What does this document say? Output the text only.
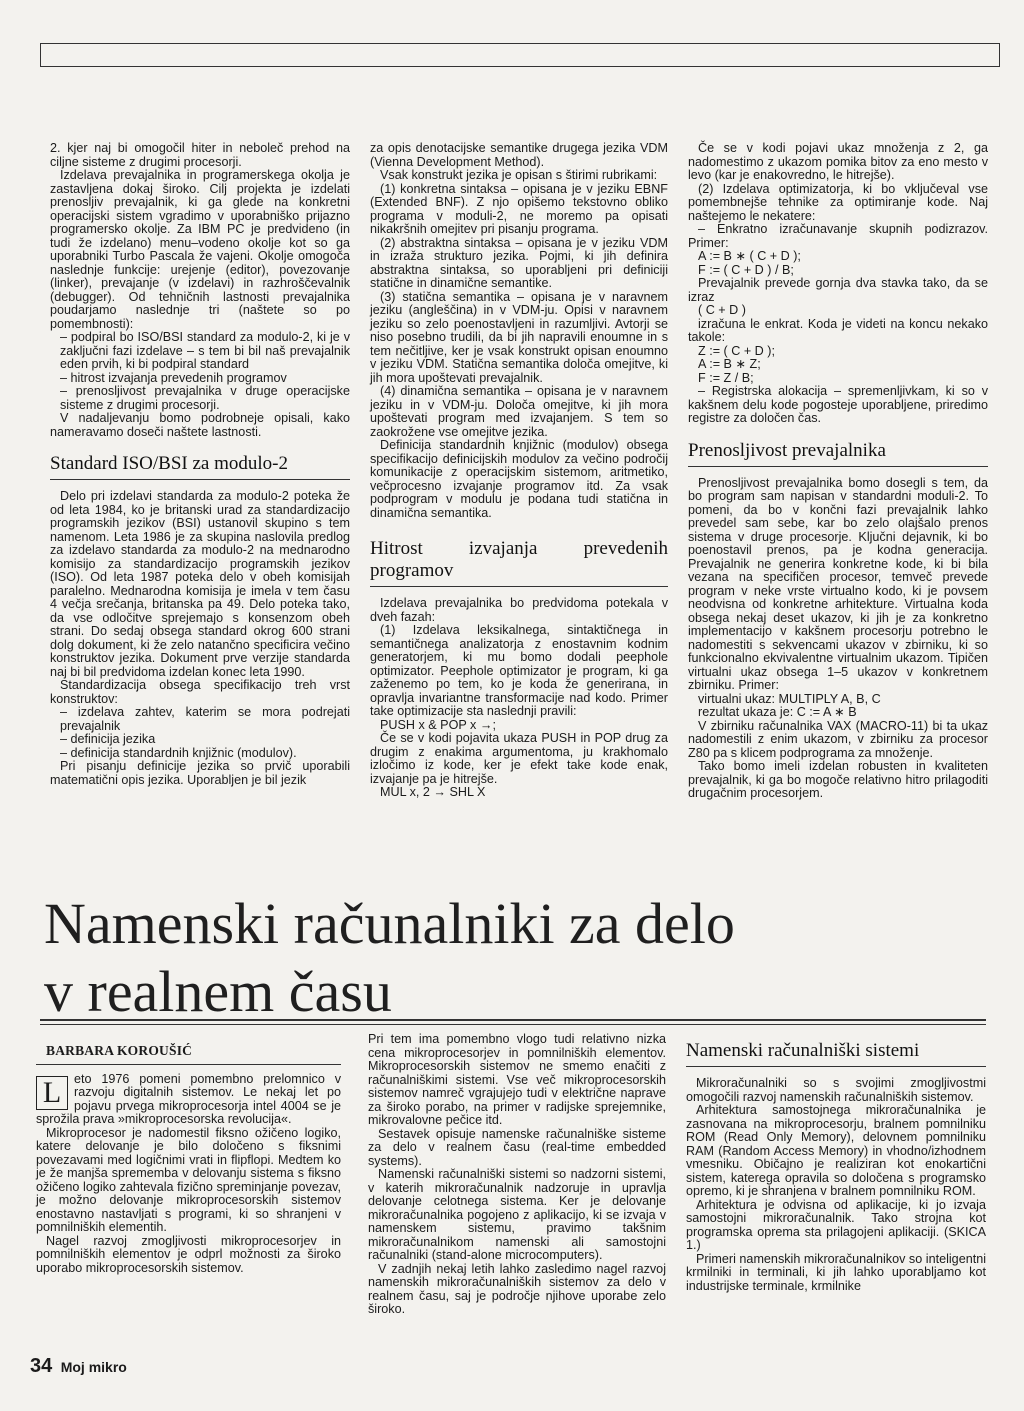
2. kjer naj bi omogočil hiter in neboleč prehod na ciljne sisteme z drugimi procesorji.

Izdelava prevajalnika in programerskega okolja je zastavljena dokaj široko. Cilj projekta je izdelati prenosljiv prevajalnik, ki ga glede na konkretni operacijski sistem vgradimo v uporabniško prijazno programersko okolje. Za IBM PC je predvideno (in tudi že izdelano) menu–vodeno okolje kot so ga uporabniki Turbo Pascala že vajeni. Okolje omogoča naslednje funkcije: urejenje (editor), povezovanje (linker), prevajanje (v izdelavi) in razhroščevalnik (debugger). Od tehničnih lastnosti prevajalnika poudarjamo naslednje tri (naštete so po pomembnosti):

– podpiral bo ISO/BSI standard za modulo-2, ki je v zaključni fazi izdelave – s tem bi bil naš prevajalnik eden prvih, ki bi podpiral standard

– hitrost izvajanja prevedenih programov

– prenosljivost prevajalnika v druge operacijske sisteme z drugimi procesorji.

V nadaljevanju bomo podrobneje opisali, kako nameravamo doseči naštete lastnosti.

Standard ISO/BSI za modulo-2

Delo pri izdelavi standarda za modulo-2 poteka že od leta 1984, ko je britanski urad za standardizacijo programskih jezikov (BSI) ustanovil skupino s tem namenom. Leta 1986 je za skupina naslovila predlog za izdelavo standarda za modulo-2 na mednarodno komisijo za standardizacijo programskih jezikov (ISO). Od leta 1987 poteka delo v obeh komisijah paralelno. Mednarodna komisija je imela v tem času 4 večja srečanja, britanska pa 49. Delo poteka tako, da vse odločitve sprejemajo s konsenzom obeh strani. Do sedaj obsega standard okrog 600 strani dolg dokument, ki že zelo natančno specificira večino konstruktov jezika. Dokument prve verzije standarda naj bi bil predvidoma izdelan konec leta 1990.

Standardizacija obsega specifikacijo treh vrst konstruktov:

– izdelava zahtev, katerim se mora podrejati prevajalnik

– definicija jezika

– definicija standardnih knjižnic (modulov).

Pri pisanju definicije jezika so prvič uporabili matematični opis jezika. Uporabljen je bil jezik

za opis denotacijske semantike drugega jezika VDM (Vienna Development Method).

Vsak konstrukt jezika je opisan s štirimi rubrikami:

(1) konkretna sintaksa – opisana je v jeziku EBNF (Extended BNF). Z njo opišemo tekstovno obliko programa v moduli-2, ne moremo pa opisati nikakršnih omejitev pri pisanju programa.

(2) abstraktna sintaksa – opisana je v jeziku VDM in izraža strukturo jezika. Pojmi, ki jih definira abstraktna sintaksa, so uporabljeni pri definiciji statične in dinamične semantike.

(3) statična semantika – opisana je v naravnem jeziku (angleščina) in v VDM-ju. Opisi v naravnem jeziku so zelo poenostavljeni in razumljivi. Avtorji se niso posebno trudili, da bi jih napravili enoumne in s tem nečitljive, ker je vsak konstrukt opisan enoumno v jeziku VDM. Statična semantika določa omejitve, ki jih mora upoštevati prevajalnik.

(4) dinamična semantika – opisana je v naravnem jeziku in v VDM-ju. Določa omejitve, ki jih mora upoštevati program med izvajanjem. S tem so zaokrožene vse omejitve jezika.

Definicija standardnih knjižnic (modulov) obsega specifikacijo definicijskih modulov za večino področij komunikacije z operacijskim sistemom, aritmetiko, večprocesno izvajanje programov itd. Za vsak podprogram v modulu je podana tudi statična in dinamična semantika.

Hitrost izvajanja prevedenih programov

Izdelava prevajalnika bo predvidoma potekala v dveh fazah:

(1) Izdelava leksikalnega, sintaktičnega in semantičnega analizatorja z enostavnim kodnim generatorjem, ki mu bomo dodali peephole optimizator. Peephole optimizator je program, ki ga zaženemo po tem, ko je koda že generirana, in opravlja invariantne transformacije nad kodo. Primer take optimizacije sta naslednji pravili:

PUSH x & POP x →;

Če se v kodi pojavita ukaza PUSH in POP drug za drugim z enakima argumentoma, ju krakhomalo izločimo iz kode, ker je efekt take kode enak, izvajanje pa je hitrejše.

MUL x, 2 → SHL X

Če se v kodi pojavi ukaz množenja z 2, ga nadomestimo z ukazom pomika bitov za eno mesto v levo (kar je enakovredno, le hitrejše).

(2) Izdelava optimizatorja, ki bo vključeval vse pomembnejše tehnike za optimiranje kode. Naj naštejemo le nekatere:

– Enkratno izračunavanje skupnih podizrazov. Primer:

A := B ∗ ( C + D );

F := ( C + D ) / B;

Prevajalnik prevede gornja dva stavka tako, da se izraz

( C + D )

izračuna le enkrat. Koda je videti na koncu nekako takole:

Z := ( C + D );

A := B ∗ Z;

F := Z / B;

– Registrska alokacija – spremenljivkam, ki so v kakšnem delu kode pogosteje uporabljene, priredimo registre za določen čas.

Prenosljivost prevajalnika

Prenosljivost prevajalnika bomo dosegli s tem, da bo program sam napisan v standardni moduli-2. To pomeni, da bo v končni fazi prevajalnik lahko prevedel sam sebe, kar bo zelo olajšalo prenos sistema v druge procesorje. Ključni dejavnik, ki bo poenostavil prenos, pa je kodna generacija. Prevajalnik ne generira konkretne kode, ki bi bila vezana na specifičen procesor, temveč prevede program v neke vrste virtualno kodo, ki je povsem neodvisna od konkretne arhitekture. Virtualna koda obsega nekaj deset ukazov, ki jih je za konkretno implementacijo v kakšnem procesorju potrebno le nadomestiti s sekvencami ukazov v zbirniku, ki so funkcionalno ekvivalentne virtualnim ukazom. Tipičen virtualni ukaz obsega 1–5 ukazov v konkretnem zbirniku. Primer:

virtualni ukaz: MULTIPLY A, B, C

rezultat ukaza je: C := A ∗ B

V zbirniku računalnika VAX (MACRO-11) bi ta ukaz nadomestili z enim ukazom, v zbirniku za procesor Z80 pa s klicem podprograma za množenje.

Tako bomo imeli izdelan robusten in kvaliteten prevajalnik, ki ga bo mogoče relativno hitro prilagoditi drugačnim procesorjem.

Namenski računalniki za delo
v realnem času

BARBARA KOROUŠIĆ

L	eto 1976 pomeni pomembno prelomnico v razvoju digitalnih sistemov. Le nekaj let po pojavu prvega mikroprocesorja intel 4004 se je sprožila prava »mikroprocesorska revolucija«.

Mikroprocesor je nadomestil fiksno ožičeno logiko, katere delovanje je bilo določeno s fiksnimi povezavami med logičnimi vrati in flipflopi. Medtem ko je že manjša sprememba v delovanju sistema s fiksno ožičeno logiko zahtevala fizično spreminjanje povezav, je možno delovanje mikroprocesorskih sistemov enostavno nastavljati s programi, ki so shranjeni v pomnilniških elementih.

Nagel razvoj zmogljivosti mikroprocesorjev in pomnilniških elementov je odprl možnosti za široko uporabo mikroprocesorskih sistemov.

Pri tem ima pomembno vlogo tudi relativno nizka cena mikroprocesorjev in pomnilniških elementov. Mikroprocesorskih sistemov ne smemo enačiti z računalniškimi sistemi. Vse več mikroprocesorskih sistemov namreč vgrajujejo tudi v električne naprave za široko porabo, na primer v radijske sprejemnike, mikrovalovne pečice itd.

Sestavek opisuje namenske računalniške sisteme za delo v realnem času (real-time embedded systems).

Namenski računalniški sistemi so nadzorni sistemi, v katerih mikroračunalnik nadzoruje in upravlja delovanje celotnega sistema. Ker je delovanje mikroračunalnika pogojeno z aplikacijo, ki se izvaja v namenskem sistemu, pravimo takšnim mikroračunalnikom namenski ali samostojni računalniki (stand-alone microcomputers).

V zadnjih nekaj letih lahko zasledimo nagel razvoj namenskih mikroračunalniških sistemov za delo v realnem času, saj je področje njihove uporabe zelo široko.

Namenski računalniški sistemi

Mikroračunalniki so s svojimi zmogljivostmi omogočili razvoj namenskih računalniških sistemov.

Arhitektura samostojnega mikroračunalnika je zasnovana na mikroprocesorju, bralnem pomnilniku ROM (Read Only Memory), delovnem pomnilniku RAM (Random Access Memory) in vhodno/izhodnem vmesniku. Običajno je realiziran kot enokartični sistem, katerega opravila so določena s programsko opremo, ki je shranjena v bralnem pomnilniku ROM.

Arhitektura je odvisna od aplikacije, ki jo izvaja samostojni mikroračunalnik. Tako strojna kot programska oprema sta prilagojeni aplikaciji. (SKICA 1.)

Primeri namenskih mikroračunalnikov so inteligentni krmilniki in terminali, ki jih lahko uporabljamo kot industrijske terminale, krmilnike

34 Moj mikro
